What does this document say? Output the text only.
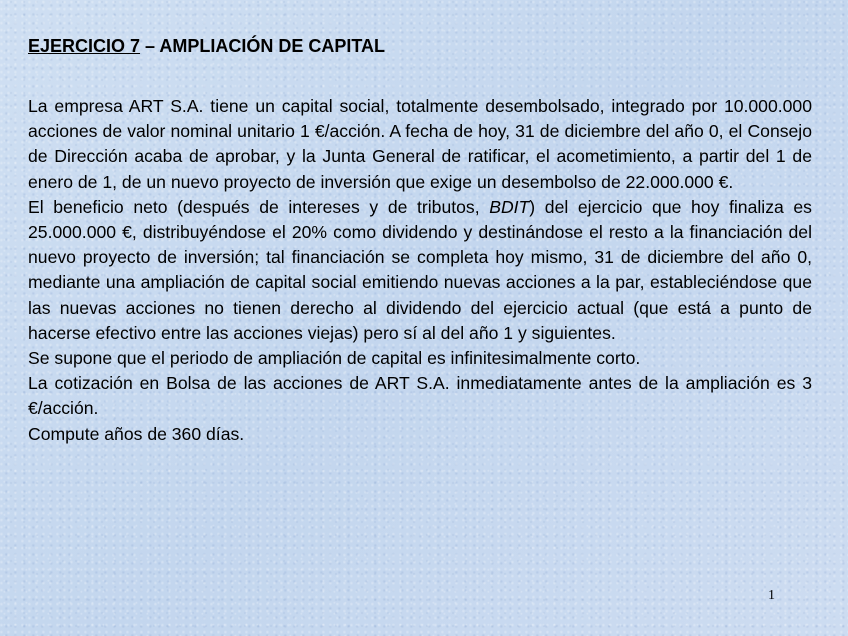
EJERCICIO 7 – AMPLIACIÓN DE CAPITAL

La empresa ART S.A. tiene un capital social, totalmente desembolsado, integrado por 10.000.000 acciones de valor nominal unitario 1 €/acción. A fecha de hoy, 31 de diciembre del año 0, el Consejo de Dirección acaba de aprobar, y la Junta General de ratificar, el acometimiento, a partir del 1 de enero de 1, de un nuevo proyecto de inversión que exige un desembolso de 22.000.000 €.

El beneficio neto (después de intereses y de tributos, BDIT) del ejercicio que hoy finaliza es 25.000.000 €, distribuyéndose el 20% como dividendo y destinándose el resto a la financiación del nuevo proyecto de inversión; tal financiación se completa hoy mismo, 31 de diciembre del año 0, mediante una ampliación de capital social emitiendo nuevas acciones a la par, estableciéndose que las nuevas acciones no tienen derecho al dividendo del ejercicio actual (que está a punto de hacerse efectivo entre las acciones viejas) pero sí al del año 1 y siguientes.

Se supone que el periodo de ampliación de capital es infinitesimalmente corto.

La cotización en Bolsa de las acciones de ART S.A. inmediatamente antes de la ampliación es 3 €/acción.

Compute años de 360 días.

1
